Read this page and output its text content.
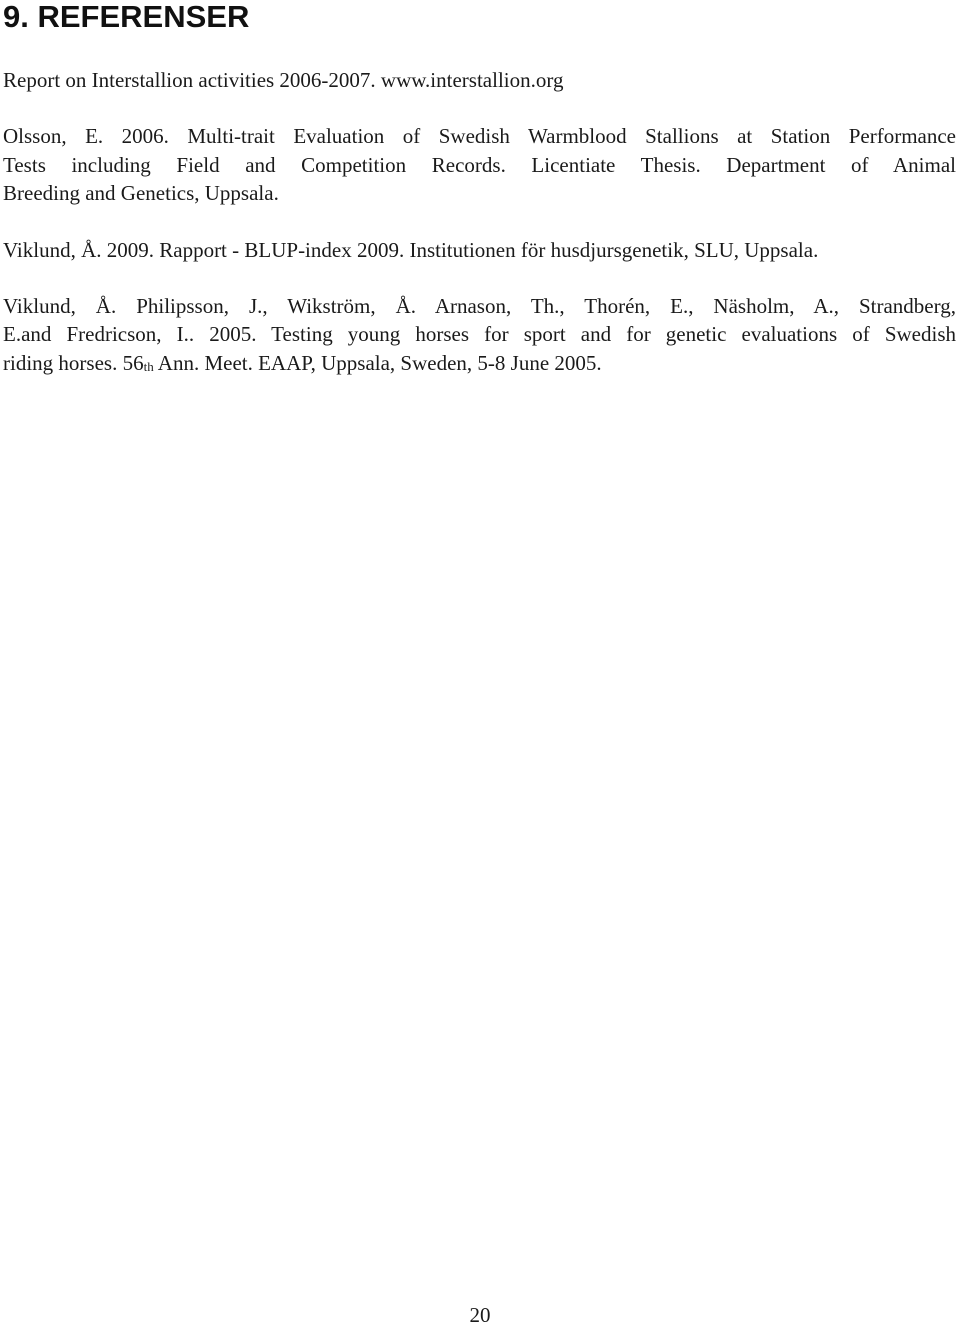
9. REFERENSER

Report on Interstallion activities 2006-2007. www.interstallion.org

Olsson, E. 2006. Multi-trait Evaluation of Swedish Warmblood Stallions at Station Performance
Tests including Field and Competition Records. Licentiate Thesis. Department of Animal
Breeding and Genetics, Uppsala.

Viklund, Å. 2009. Rapport - BLUP-index 2009. Institutionen för husdjursgenetik, SLU, Uppsala.

Viklund, Å. Philipsson, J., Wikström, Å. Arnason, Th., Thorén, E., Näsholm, A., Strandberg,
E.and Fredricson, I.. 2005. Testing young horses for sport and for genetic evaluations of Swedish
riding horses. 56th Ann. Meet. EAAP, Uppsala, Sweden, 5-8 June 2005.

20
